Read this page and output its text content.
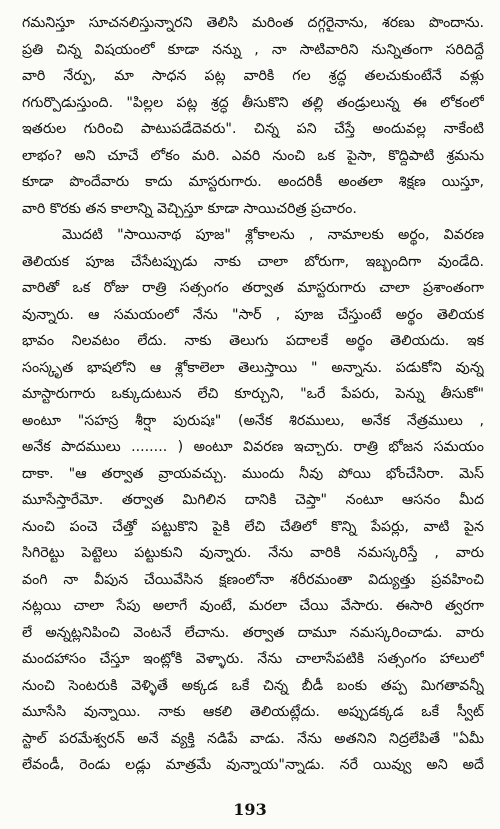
గమనిస్తూ సూచనలిస్తున్నారని తెలిసి మరింత దగ్గరైనాను, శరణు పొందాను.
ప్రతి చిన్న విషయంలో కూడా నన్ను , నా సాటివారిని నున్నితంగా సరిదిద్దే
వారి నేర్పు, మా సాధన పట్ల వారికి గల శ్రద్ధ తలచుకుంటేనే వళ్లు
గగుర్పొడుస్తుంది. "పిల్లల పట్ల శ్రద్ధ తీసుకొని తల్లి తండ్రులున్న ఈ లోకంలో
ఇతరుల గురించి పాటుపడేదెవరు". చిన్న పని చేస్తే అందువల్ల నాకేంటి
లాభం? అని చూచే లోకం మరి. ఎవరి నుంచి ఒక పైసా, కొద్దిపాటి శ్రమను
కూడా పొందేవారు కాదు మాస్టరుగారు. అందరికీ అంతలా శిక్షణ యిస్తూ,
వారి కొరకు తన కాలాన్ని వెచ్చిస్తూ కూడా సాయిచరిత్ర ప్రచారం.
మొదటి "సాయినాథ పూజ" శ్లోకాలను , నామాలకు అర్థం, వివరణ
తెలియక పూజ చేసేటప్పుడు నాకు చాలా బోరుగా, ఇబ్బందిగా వుండేది.
వారితో ఒక రోజు రాత్రి సత్సంగం తర్వాత మాస్టరుగారు చాలా ప్రశాంతంగా
వున్నారు. ఆ సమయంలో నేను "సార్ , పూజ చేస్తుంటే అర్థం తెలియక
భావం నిలవటం లేదు. నాకు తెలుగు పదాలకే అర్థం తెలియదు. ఇక
సంస్కృత భాషలోని ఆ శ్లోకాలెలా తెలుస్తాయి " అన్నాను. పడుకోని వున్న
మాస్టారుగారు ఒక్కుదుటున లేచి కూర్చుని, "ఒరే పేపరు, పెన్ను తీసుకో"
అంటూ "సహస్ర శీర్షా పురుషః" (అనేక శిరములు, అనేక నేత్రములు ,
అనేక పాదములు ........ ) అంటూ వివరణ ఇచ్చారు. రాత్రి భోజన సమయం
దాకా. "ఆ తర్వాత వ్రాయవచ్చు. ముందు నీవు పోయి భోంచేసిరా. మెస్
మూసేస్తారేమో. తర్వాత మిగిలిన దానికి చెప్తా" నంటూ ఆసనం మీద
నుంచి పంచె చేత్తో పట్టుకొని పైకి లేచి చేతిలో కొన్ని పేపర్లు, వాటి పైన
సిగిరెట్టు పెట్టెలు పట్టుకుని వున్నారు. నేను వారికి నమస్కరిస్తే , వారు
వంగి నా వీపున చేయివేసిన క్షణంలోనా శరీరమంతా విద్యుత్తు ప్రవహించి
నట్లయి చాలా సేపు అలాగే వుంటే, మరలా చేయి వేసారు. ఈసారి త్వరగా
లే అన్నట్లనిపించి వెంటనే లేచాను. తర్వాత దామూ నమస్కరించాడు. వారు
మందహాసం చేస్తూ ఇంట్లోకి వెళ్ళారు. నేను చాలాసేపటికి సత్సంగం హాలులో
నుంచి సెంటరుకి వెళ్ళితే అక్కడ ఒకే చిన్న బీడీ బంకు తప్ప మిగతావన్నీ
మూసేసి వున్నాయి. నాకు ఆకలి తెలియట్లేదు. అప్పుడక్కడ ఒకే స్వీట్
స్టాల్ పరమేశ్వరన్ అనే వ్యక్తి నడిపే వాడు. నేను అతనిని నిద్రలేపితే "ఏమీ
లేవండీ, రెండు లడ్లు మాత్రమే వున్నాయ"న్నాడు. నరే యివ్వు అని అదే
193
